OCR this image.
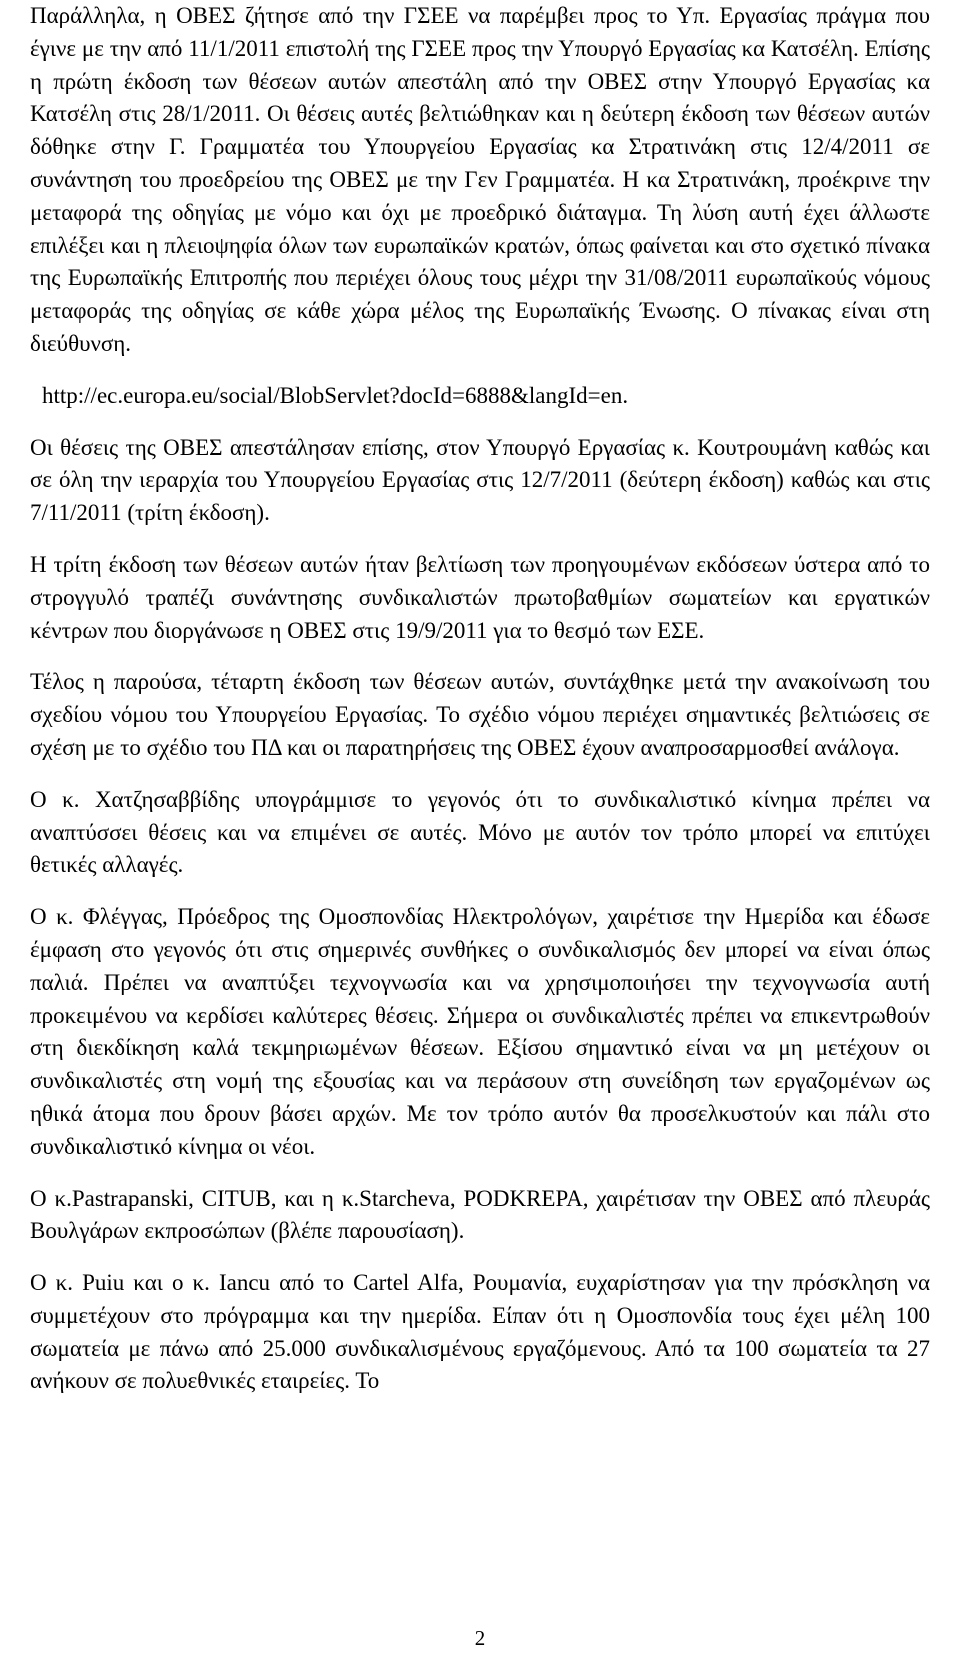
Παράλληλα, η ΟΒΕΣ ζήτησε από την ΓΣΕΕ να παρέμβει προς το Υπ. Εργασίας πράγμα που έγινε με την από 11/1/2011 επιστολή της ΓΣΕΕ προς την Υπουργό Εργασίας κα Κατσέλη. Επίσης η πρώτη έκδοση των θέσεων αυτών απεστάλη από την ΟΒΕΣ στην Υπουργό Εργασίας κα Κατσέλη στις 28/1/2011. Οι θέσεις αυτές βελτιώθηκαν και η δεύτερη έκδοση των θέσεων αυτών δόθηκε στην Γ. Γραμματέα του Υπουργείου Εργασίας κα Στρατινάκη στις 12/4/2011 σε συνάντηση του προεδρείου της ΟΒΕΣ με την Γεν Γραμματέα. Η κα Στρατινάκη, προέκρινε την μεταφορά της οδηγίας με νόμο και όχι με προεδρικό διάταγμα. Τη λύση αυτή έχει άλλωστε επιλέξει και η πλειοψηφία όλων των ευρωπαϊκών κρατών, όπως φαίνεται και στο σχετικό πίνακα της Ευρωπαϊκής Επιτροπής που περιέχει όλους τους μέχρι την 31/08/2011 ευρωπαϊκούς νόμους μεταφοράς της οδηγίας σε κάθε χώρα μέλος της Ευρωπαϊκής Ένωσης. Ο πίνακας είναι στη διεύθυνση.

http://ec.europa.eu/social/BlobServlet?docId=6888&langId=en.

Οι θέσεις της ΟΒΕΣ απεστάλησαν επίσης, στον Υπουργό Εργασίας κ. Κουτρουμάνη καθώς και σε όλη την ιεραρχία του Υπουργείου Εργασίας στις 12/7/2011 (δεύτερη έκδοση) καθώς και στις 7/11/2011 (τρίτη έκδοση).

Η τρίτη έκδοση των θέσεων αυτών ήταν βελτίωση των προηγουμένων εκδόσεων ύστερα από το στρογγυλό τραπέζι συνάντησης συνδικαλιστών πρωτοβαθμίων σωματείων και εργατικών κέντρων που διοργάνωσε η ΟΒΕΣ στις 19/9/2011 για το θεσμό των ΕΣΕ.

Τέλος η παρούσα, τέταρτη έκδοση των θέσεων αυτών, συντάχθηκε μετά την ανακοίνωση του σχεδίου νόμου του Υπουργείου Εργασίας. Το σχέδιο νόμου περιέχει σημαντικές βελτιώσεις σε σχέση με το σχέδιο του ΠΔ και οι παρατηρήσεις της ΟΒΕΣ έχουν αναπροσαρμοσθεί ανάλογα.

Ο κ. Χατζησαββίδης υπογράμμισε το γεγονός ότι το συνδικαλιστικό κίνημα πρέπει να αναπτύσσει θέσεις και να επιμένει σε αυτές. Μόνο με αυτόν τον τρόπο μπορεί να επιτύχει θετικές αλλαγές.

Ο κ. Φλέγγας, Πρόεδρος της Ομοσπονδίας Ηλεκτρολόγων, χαιρέτισε την Ημερίδα και έδωσε έμφαση στο γεγονός ότι στις σημερινές συνθήκες ο συνδικαλισμός δεν μπορεί να είναι όπως παλιά. Πρέπει να αναπτύξει τεχνογνωσία και να χρησιμοποιήσει την τεχνογνωσία αυτή προκειμένου να κερδίσει καλύτερες θέσεις. Σήμερα οι συνδικαλιστές πρέπει να επικεντρωθούν στη διεκδίκηση καλά τεκμηριωμένων θέσεων. Εξίσου σημαντικό είναι να μη μετέχουν οι συνδικαλιστές στη νομή της εξουσίας και να περάσουν στη συνείδηση των εργαζομένων ως ηθικά άτομα που δρουν βάσει αρχών. Με τον τρόπο αυτόν θα προσελκυστούν και πάλι στο συνδικαλιστικό κίνημα οι νέοι.

Ο κ.Pastrapanski, CITUB, και η κ.Starcheva, PODKREPA, χαιρέτισαν την ΟΒΕΣ από πλευράς Βουλγάρων εκπροσώπων (βλέπε παρουσίαση).

Ο κ. Puiu και ο κ. Iancu από το Cartel Alfa, Ρουμανία, ευχαρίστησαν για την πρόσκληση να συμμετέχουν στο πρόγραμμα και την ημερίδα. Είπαν ότι η Ομοσπονδία τους έχει μέλη 100 σωματεία με πάνω από 25.000 συνδικαλισμένους εργαζόμενους. Από τα 100 σωματεία τα 27 ανήκουν σε πολυεθνικές εταιρείες. Το

2
